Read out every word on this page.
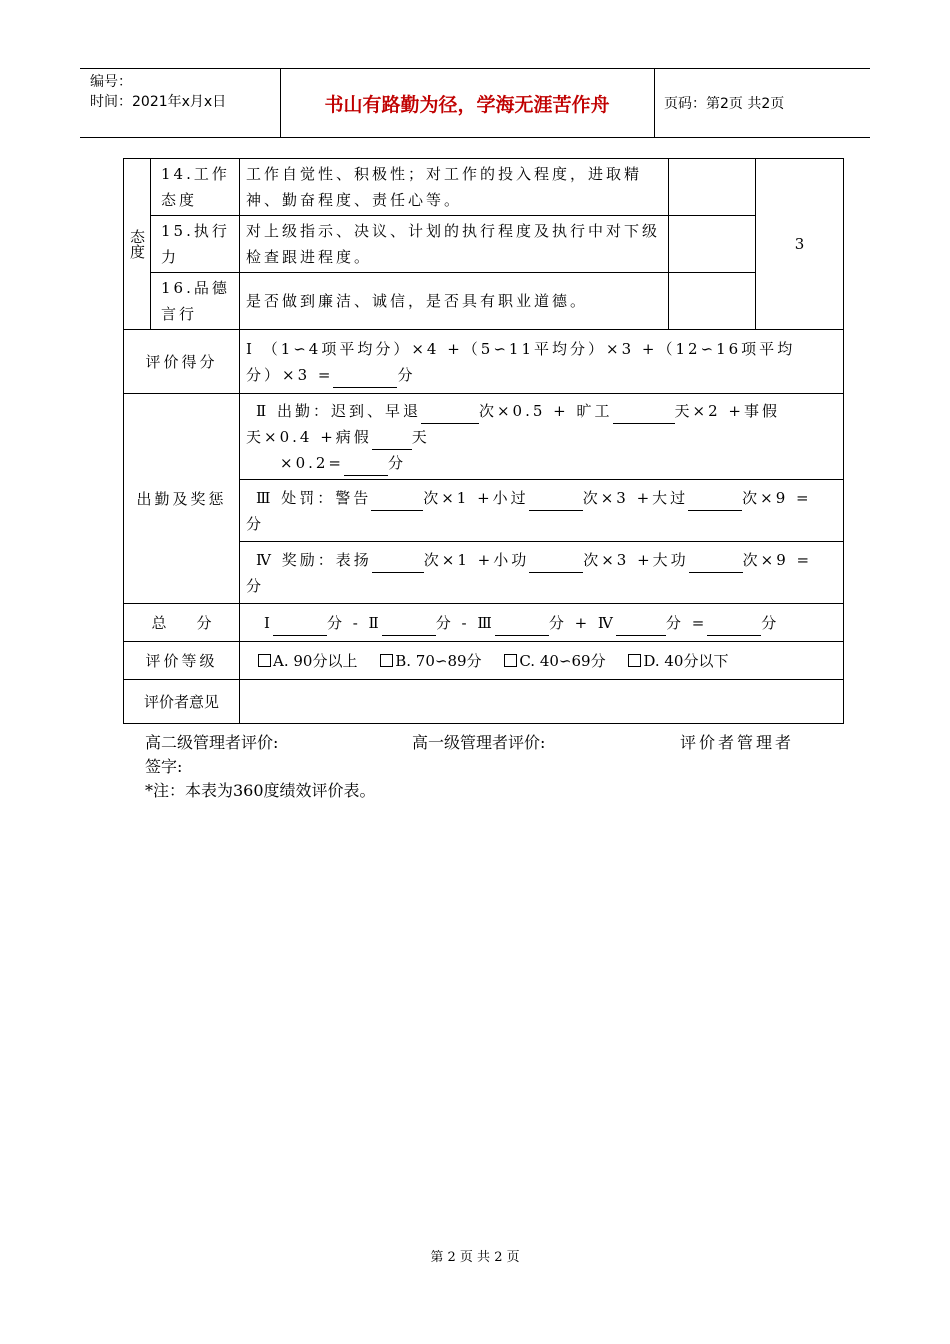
编号：
时间：2021年x月x日	书山有路勤为径，学海无涯苦作舟	页码：第2页 共2页
态度	14.工作态度	工作自觉性、积极性；对工作的投入程度，进取精神、勤奋程度、责任心等。		3
	15.执行力	对上级指示、决议、计划的执行程度及执行中对下级检查跟进程度。		
	16.品德言行	是否做到廉洁、诚信，是否具有职业道德。		
评价得分		Ⅰ （1∽4项平均分）×4 +（5∽11平均分）×3 +（12∽16项平均
分）×3 = 分		
出勤及奖惩		Ⅱ 出勤：迟到、早退 次×0.5 + 旷工 天×2 +事假
天×0.4 +病假 天
×0.2= 分		
		Ⅲ 处罚：警告 次×1 +小过 次×3 +大过 次×9 =
分		
		Ⅳ 奖励：表扬 次×1 +小功 次×3 +大功 次×9 =
分		
总　　分		Ⅰ 分 - Ⅱ 分 - Ⅲ 分 + Ⅳ 分 = 分		
评价等级		A. 90分以上 B. 70∽89分 C. 40∽69分 D. 40分以下		
评价者意见				
高二级管理者评价:	高一级管理者评价:	评价者管理者
签字:
*注：本表为360度绩效评价表。
第 2 页 共 2 页
